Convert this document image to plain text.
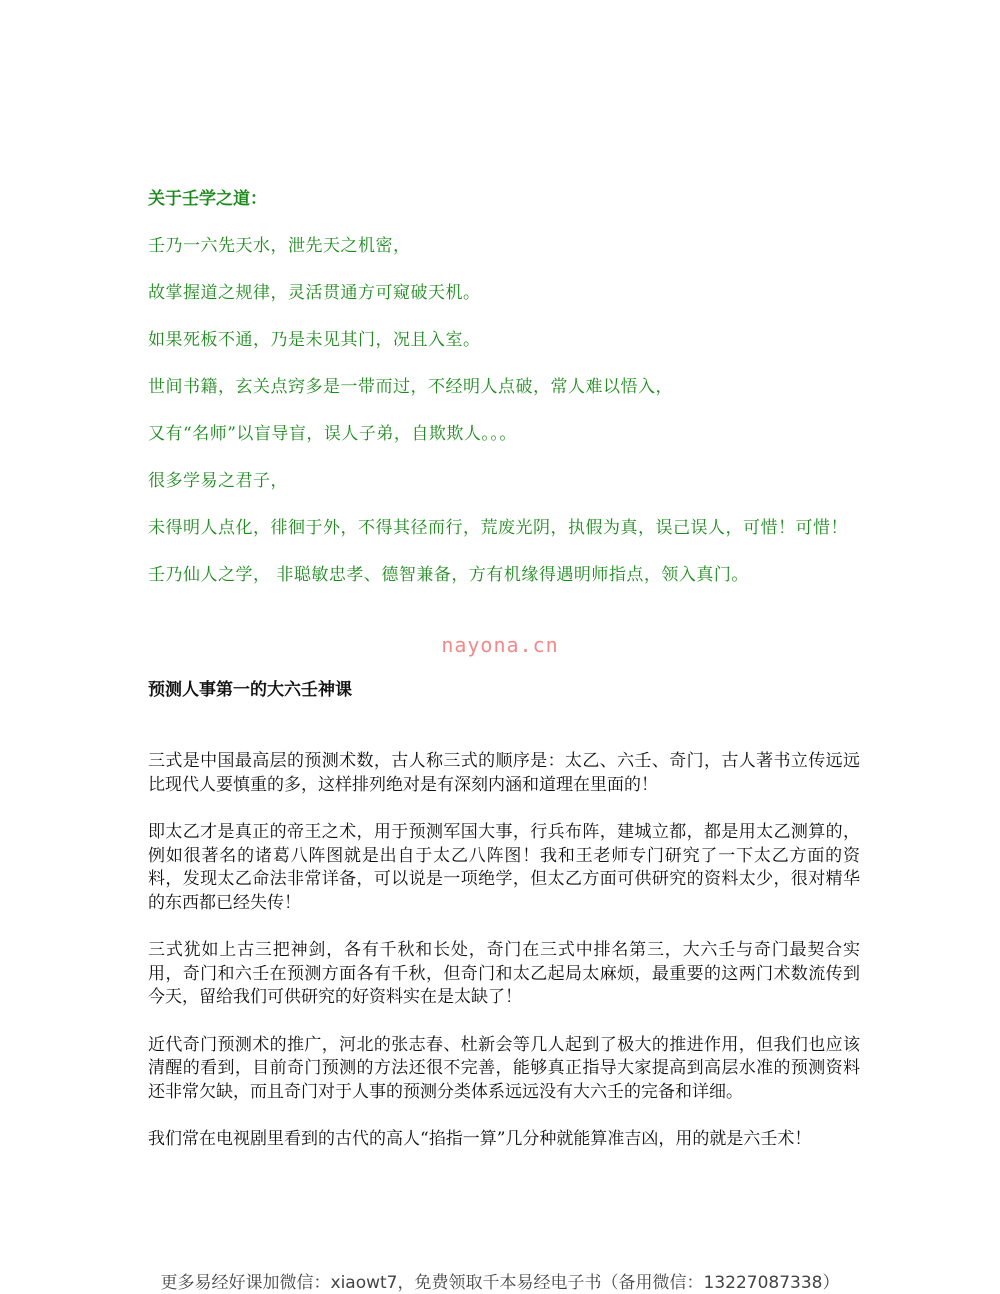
关于壬学之道：
壬乃一六先天水，泄先天之机密，
故掌握道之规律，灵活贯通方可窥破天机。
如果死板不通，乃是未见其门，况且入室。
世间书籍，玄关点窍多是一带而过，不经明人点破，常人难以悟入，
又有“名师”以盲导盲，误人子弟，自欺欺人。。。
很多学易之君子，
未得明人点化，徘徊于外，不得其径而行，荒废光阴，执假为真，误己误人，可惜！可惜！
壬乃仙人之学， 非聪敏忠孝、德智兼备，方有机缘得遇明师指点，领入真门。
nayona.cn
预测人事第一的大六壬神课

三式是中国最高层的预测术数，古人称三式的顺序是：太乙、六壬、奇门，古人著书立传远远比现代人要慎重的多，这样排列绝对是有深刻内涵和道理在里面的！

即太乙才是真正的帝王之术，用于预测军国大事，行兵布阵，建城立都，都是用太乙测算的，例如很著名的诸葛八阵图就是出自于太乙八阵图！我和王老师专门研究了一下太乙方面的资料，发现太乙命法非常详备，可以说是一项绝学，但太乙方面可供研究的资料太少，很对精华的东西都已经失传！

三式犹如上古三把神剑，各有千秋和长处，奇门在三式中排名第三，大六壬与奇门最契合实用，奇门和六壬在预测方面各有千秋，但奇门和太乙起局太麻烦，最重要的这两门术数流传到今天，留给我们可供研究的好资料实在是太缺了！

近代奇门预测术的推广，河北的张志春、杜新会等几人起到了极大的推进作用，但我们也应该清醒的看到，目前奇门预测的方法还很不完善，能够真正指导大家提高到高层水准的预测资料还非常欠缺，而且奇门对于人事的预测分类体系远远没有大六壬的完备和详细。

我们常在电视剧里看到的古代的高人“掐指一算”几分种就能算准吉凶，用的就是六壬术！

更多易经好课加微信：xiaowt7，免费领取千本易经电子书（备用微信：13227087338）
